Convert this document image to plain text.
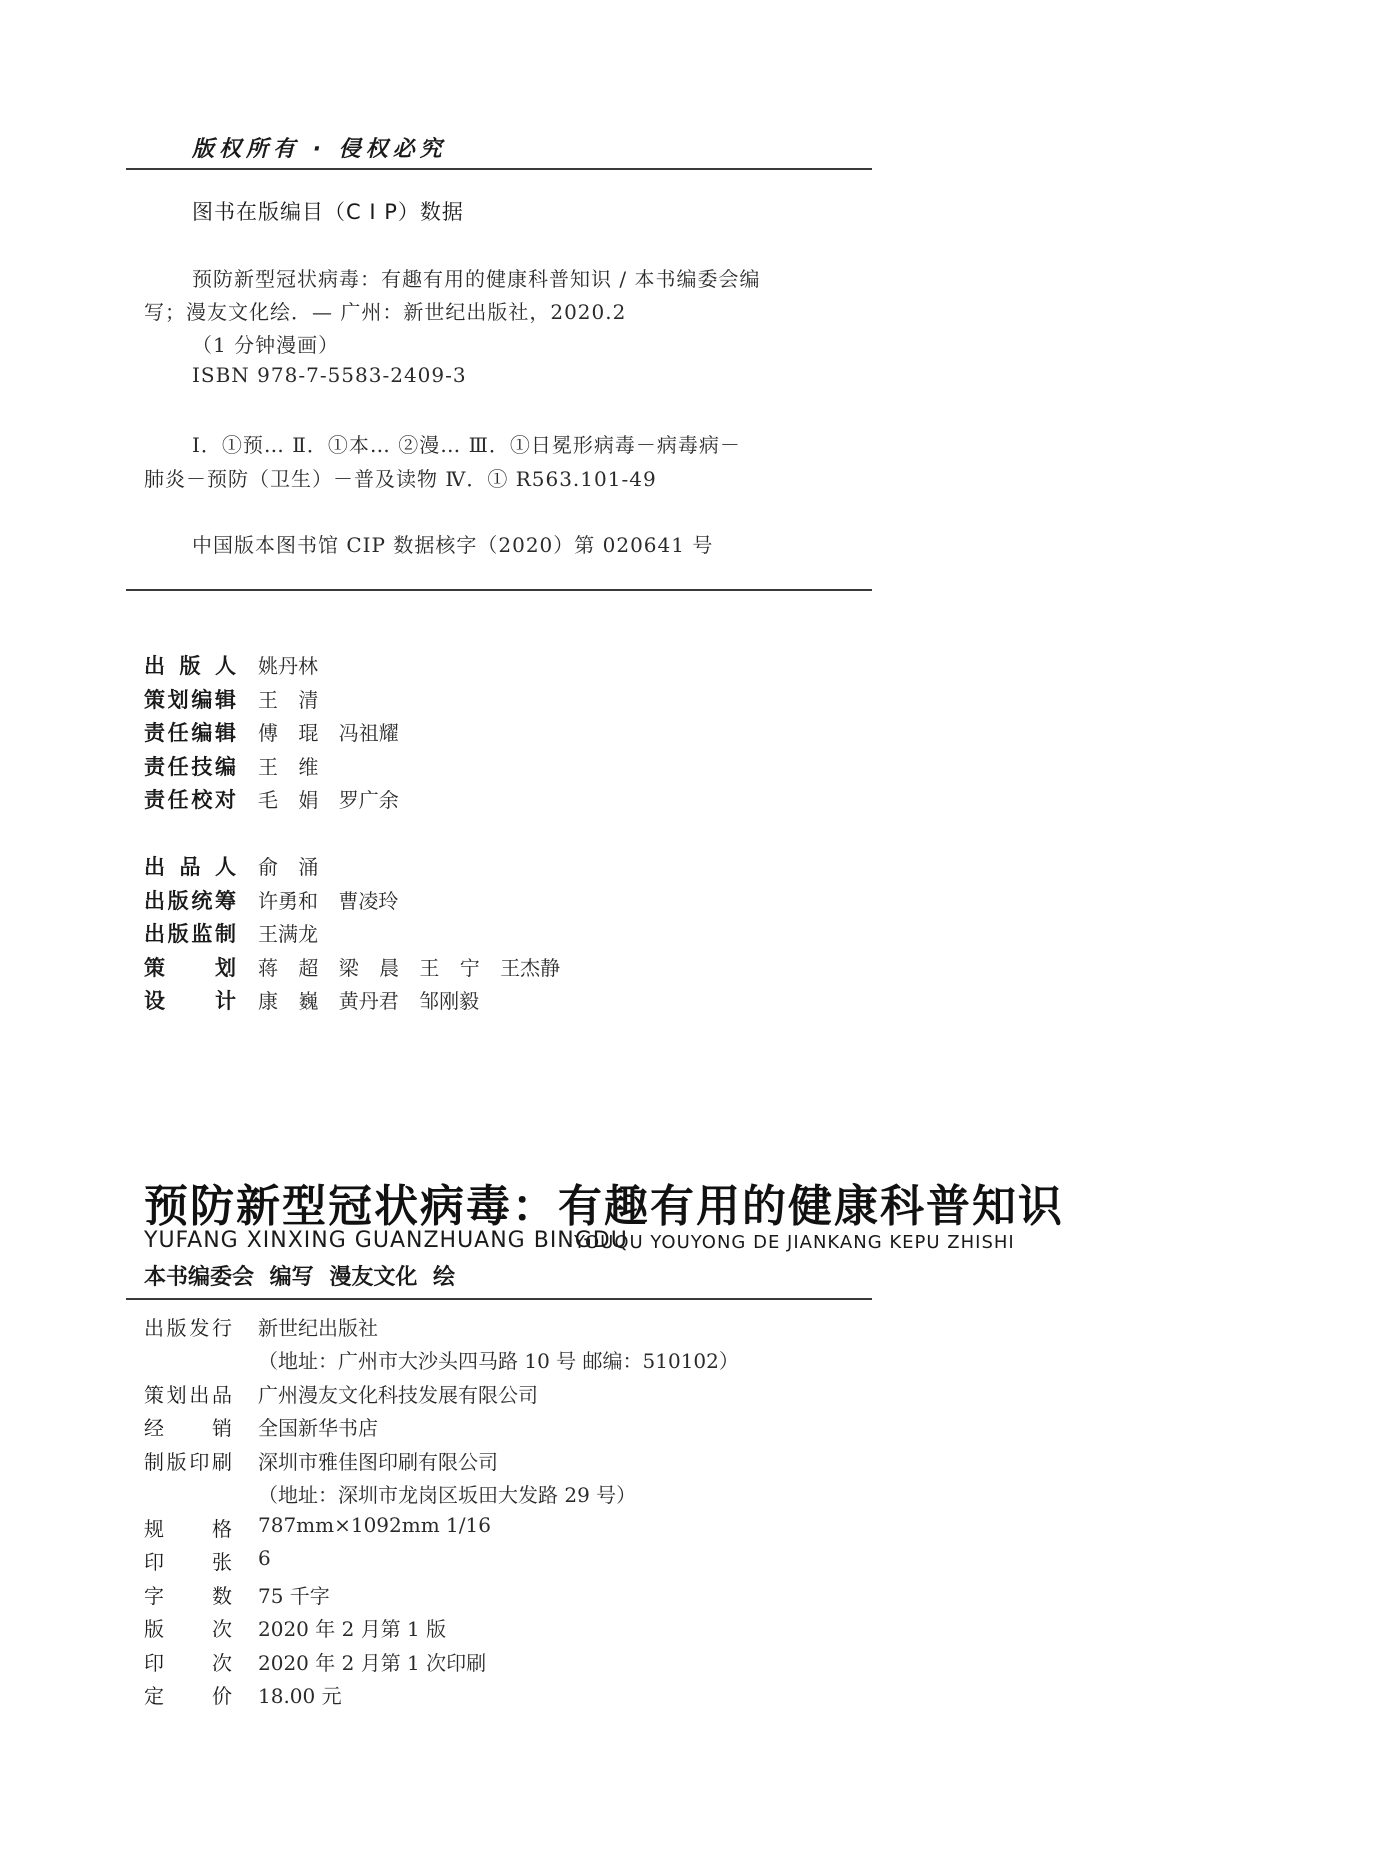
版权所有 · 侵权必究
图书在版编目（C I P）数据
预防新型冠状病毒：有趣有用的健康科普知识 / 本书编委会编
写；漫友文化绘．— 广州：新世纪出版社，2020.2
（1 分钟漫画）
ISBN 978-7-5583-2409-3
Ⅰ．①预… Ⅱ．①本… ②漫… Ⅲ．①日冕形病毒－病毒病－
肺炎－预防（卫生）－普及读物 Ⅳ．① R563.101-49
中国版本图书馆 CIP 数据核字（2020）第 020641 号
出版人 姚丹林
策划编辑 王 清
责任编辑 傅 琨 冯祖耀
责任技编 王 维
责任校对 毛 娟 罗广余
出品人 俞 涌
出版统筹 许勇和 曹凌玲
出版监制 王满龙
策划 蒋 超 梁 晨 王 宁 王杰静
设计 康 巍 黄丹君 邹刚毅
预防新型冠状病毒：有趣有用的健康科普知识
YUFANG XINXING GUANZHUANG BINGDU
YOUQU YOUYONG DE JIANKANG KEPU ZHISHI
本书编委会 编写 漫友文化 绘
出版发行 新世纪出版社
（地址：广州市大沙头四马路 10 号 邮编：510102）
策划出品 广州漫友文化科技发展有限公司
经销 全国新华书店
制版印刷 深圳市雅佳图印刷有限公司
（地址：深圳市龙岗区坂田大发路 29 号）
规格 787mm×1092mm 1/16
印张 6
字数 75 千字
版次 2020 年 2 月第 1 版
印次 2020 年 2 月第 1 次印刷
定价 18.00 元
